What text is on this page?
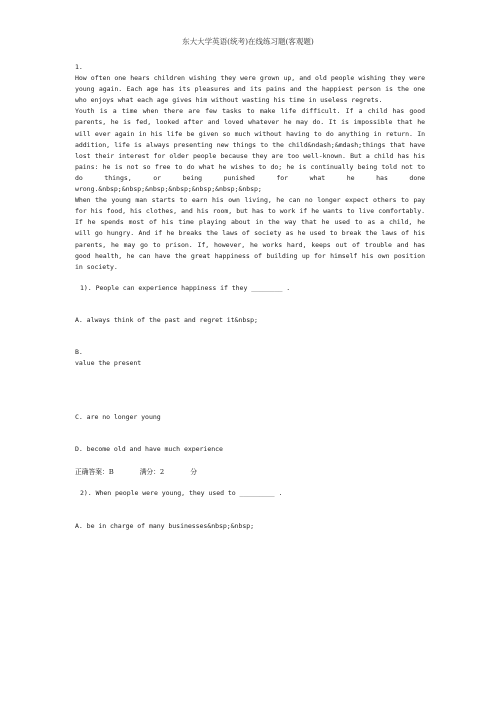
东大大学英语(统考)在线练习题(客观题)

1.

How often one hears children wishing they were grown up, and old people wishing they were young again. Each age has its pleasures and its pains and the happiest person is the one who enjoys what each age gives him without wasting his time in useless regrets.

Youth is a time when there are few tasks to make life difficult. If a child has good parents, he is fed, looked after and loved whatever he may do. It is impossible that he will ever again in his life be given so much without having to do anything in return. In addition, life is always presenting new things to the child&ndash;&mdash;things that have lost their interest for older people because they are too well-known. But a child has his pains: he is not so free to do what he wishes to do; he is continually being told not to do things, or being punished for what he has done wrong.&nbsp;&nbsp;&nbsp;&nbsp;&nbsp;&nbsp;&nbsp;

When the young man starts to earn his own living, he can no longer expect others to pay for his food, his clothes, and his room, but has to work if he wants to live comfortably. If he spends most of his time playing about in the way that he used to as a child, he will go hungry. And if he breaks the laws of society as he used to break the laws of his parents, he may go to prison. If, however, he works hard, keeps out of trouble and has good health, he can have the great happiness of building up for himself his own position in society.

1). People can experience happiness if they ________ .

A. always think of the past and regret it&nbsp;

B.

value the present

C. are no longer young

D. become old and have much experience

正确答案：B	满分：2	分

2). When people were young, they used to _________ .

A. be in charge of many businesses&nbsp;&nbsp;
